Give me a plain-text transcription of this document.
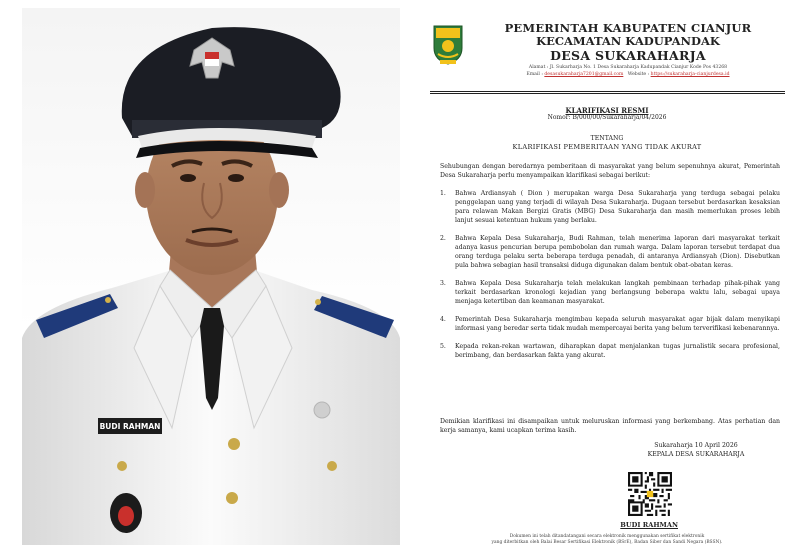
BUDI RAHMAN
PEMERINTAH KABUPATEN CIANJUR
KECAMATAN KADUPANDAK
DESA SUKARAHARJA
Alamat : Jl. Sukarharja No. 1 Desa Sukaraharja Kadupandak Cianjur Kode Pos 43268
Email : desasukaraharja7201@gmail.com Website : https://sukaraharja-cianjurdesa.id
KLARIFIKASI RESMI
Nomor: B/000/00/Sukaraharja/04/2026
TENTANG
KLARIFIKASI PEMBERITAAN YANG TIDAK AKURAT
Sehubungan dengan beredarnya pemberitaan di masyarakat yang belum sepenuhnya akurat, Pemerintah Desa Sukaraharja perlu menyampaikan klarifikasi sebagai berikut:
1. Bahwa Ardiansyah ( Dion ) merupakan warga Desa Sukaraharja yang terduga sebagai pelaku penggelapan uang yang terjadi di wilayah Desa Sukaraharja. Dugaan tersebut berdasarkan kesaksian para relawan Makan Bergizi Gratis (MBG) Desa Sukaraharja dan masih memerlukan proses lebih lanjut sesuai ketentuan hukum yang berlaku.
2. Bahwa Kepala Desa Sukaraharja, Budi Rahman, telah menerima laporan dari masyarakat terkait adanya kasus pencurian berupa pembobolan dan rumah warga. Dalam laporan tersebut terdapat dua orang terduga pelaku serta beberapa terduga penadah, di antaranya Ardiansyah (Dion). Disebutkan pula bahwa sebagian hasil transaksi diduga digunakan dalam bentuk obat-obatan keras.
3. Bahwa Kepala Desa Sukaraharja telah melakukan langkah pembinaan terhadap pihak-pihak yang terkait berdasarkan kronologi kejadian yang berlangsung beberapa waktu lalu, sebagai upaya menjaga ketertiban dan keamanan masyarakat.
4. Pemerintah Desa Sukaraharja mengimbau kepada seluruh masyarakat agar bijak dalam menyikapi informasi yang beredar serta tidak mudah mempercayai berita yang belum terverifikasi kebenarannya.
5. Kepada rekan-rekan wartawan, diharapkan dapat menjalankan tugas jurnalistik secara profesional, berimbang, dan berdasarkan fakta yang akurat.
Demikian klarifikasi ini disampaikan untuk meluruskan informasi yang berkembang. Atas perhatian dan kerja samanya, kami ucapkan terima kasih.
Sukaraharja 10 April 2026
KEPALA DESA SUKARAHARJA
BUDI RAHMAN
Dokumen ini telah ditandatangani secara elektronik menggunakan sertifikat elektronik
yang diterbitkan oleh Balai Besar Sertifikasi Elektronik (BSrE), Badan Siber dan Sandi Negara (BSSN).
